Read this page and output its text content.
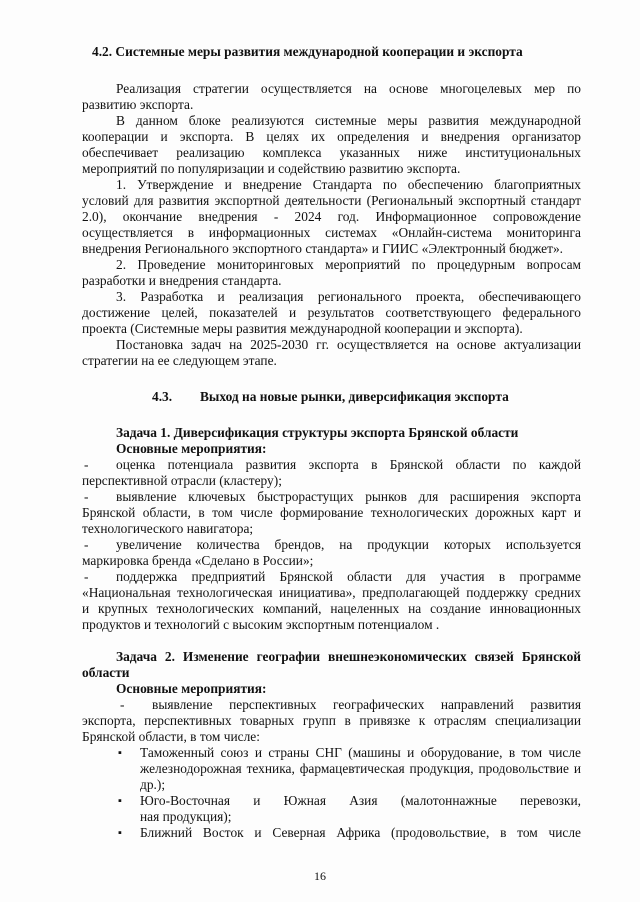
4.2. Системные меры развития международной кооперации и экспорта
Реализация стратегии осуществляется на основе многоцелевых мер по
развитию экспорта.
В данном блоке реализуются системные меры развития международной
кооперации и экспорта. В целях их определения и внедрения организатор
обеспечивает реализацию комплекса указанных ниже институциональных
мероприятий по популяризации и содействию развитию экспорта.
1. Утверждение и внедрение Стандарта по обеспечению благоприятных
условий для развития экспортной деятельности (Региональный экспортный стандарт
2.0), окончание внедрения - 2024 год. Информационное сопровождение
осуществляется в информационных системах «Онлайн-система мониторинга
внедрения Регионального экспортного стандарта» и ГИИС «Электронный бюджет».
2. Проведение мониторинговых мероприятий по процедурным вопросам
разработки и внедрения стандарта.
3. Разработка и реализация регионального проекта, обеспечивающего
достижение целей, показателей и результатов соответствующего федерального
проекта (Системные меры развития международной кооперации и экспорта).
Постановка задач на 2025-2030 гг. осуществляется на основе актуализации
стратегии на ее следующем этапе.
4.3. Выход на новые рынки, диверсификация экспорта
Задача 1. Диверсификация структуры экспорта Брянской области
Основные мероприятия:
- оценка потенциала развития экспорта в Брянской области по каждой
перспективной отрасли (кластеру);
- выявление ключевых быстрорастущих рынков для расширения экспорта
Брянской области, в том числе формирование технологических дорожных карт и
технологического навигатора;
- увеличение количества брендов, на продукции которых используется
маркировка бренда «Сделано в России»;
- поддержка предприятий Брянской области для участия в программе
«Национальная технологическая инициатива», предполагающей поддержку средних
и крупных технологических компаний, нацеленных на создание инновационных
продуктов и технологий с высоким экспортным потенциалом .
Задача 2. Изменение географии внешнеэкономических связей Брянской
области
Основные мероприятия:
- выявление перспективных географических направлений развития
экспорта, перспективных товарных групп в привязке к отраслям специализации
Брянской области, в том числе:
▪ Таможенный союз и страны СНГ (машины и оборудование, в том числе
железнодорожная техника, фармацевтическая продукция, продовольствие и
др.);
▪ Юго-Восточная и Южная Азия (малотоннажные перевозки,
ная продукция);
▪ Ближний Восток и Северная Африка (продовольствие, в том числе
16
